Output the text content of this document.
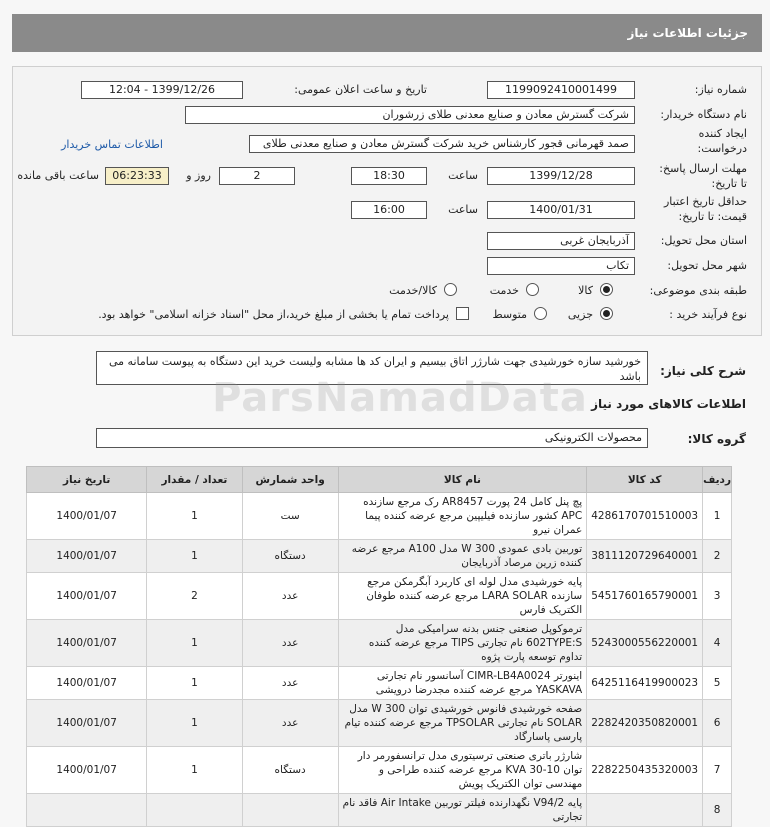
جزئیات اطلاعات نیاز
شماره نیاز:
1199092410001499
تاریخ و ساعت اعلان عمومی:
1399/12/26 - 12:04
نام دستگاه خریدار:
شرکت گسترش معادن و صنایع معدنی طلای زرشوران
ایجاد کننده
درخواست:
صمد قهرمانی قجور کارشناس خرید شرکت گسترش معادن و صنایع معدنی طلای
اطلاعات تماس خریدار
مهلت ارسال پاسخ:
تا تاریخ:
1399/12/28
ساعت
18:30
2
روز و
06:23:33
ساعت باقی مانده
حداقل تاریخ اعتبار
قیمت: تا تاریخ:
1400/01/31
ساعت
16:00
استان محل تحویل:
آذربایجان غربی
شهر محل تحویل:
تکاب
طبقه بندی موضوعی:
کالا
خدمت
کالا/خدمت
نوع فرآیند خرید :
جزیی
متوسط
پرداخت تمام یا بخشی از مبلغ خرید،از محل "اسناد خزانه اسلامی" خواهد بود.
شرح کلی نیاز:
خورشید سازه خورشیدی جهت شارژر اتاق بیسیم و ایران کد ها مشابه ولیست خرید این دستگاه به پیوست سامانه می باشد
ParsNamadData اطلاعات کالاهای مورد نیاز
گروه کالا:
محصولات الکترونیکی
ردیف	کد کالا	نام کالا	واحد شمارش	تعداد / مقدار	تاریخ نیاز
1	4286170701510003	پچ پنل کامل 24 پورت AR8457 رک مرجع سازنده APC کشور سازنده فیلیپین مرجع عرضه کننده پیما عمران نیرو	ست	1	1400/01/07
2	3811120729640001	توربین بادی عمودی 300 W مدل A100 مرجع عرضه کننده زرین مرصاد آذربایجان	دستگاه	1	1400/01/07
3	5451760165790001	پایه خورشیدی مدل لوله ای کاربرد آبگرمکن مرجع سازنده LARA SOLAR مرجع عرضه کننده طوفان الکتریک فارس	عدد	2	1400/01/07
4	5243000556220001	ترموکوپل صنعتی جنس بدنه سرامیکی مدل 602TYPE:S نام تجارتی TIPS مرجع عرضه کننده تداوم توسعه پارت پژوه	عدد	1	1400/01/07
5	6425116419900023	اینورتر CIMR-LB4A0024 آسانسور نام تجارتی YASKAVA مرجع عرضه کننده مجدرضا درویشی	عدد	1	1400/01/07
6	2282420350820001	صفحه خورشیدی فانوس خورشیدی توان 300 W مدل SOLAR نام تجارتی TPSOLAR مرجع عرضه کننده تیام پارسی پاسارگاد	عدد	1	1400/01/07
7	2282250435320003	شارژر باتری صنعتی ترسیتوری مدل ترانسفورمر دار توان 10-30 KVA مرجع عرضه کننده طراحی و مهندسی توان الکتریک پویش	دستگاه	1	1400/01/07
8		پایه V94/2 نگهدارنده فیلتر توربین Air Intake فاقد نام تجارتی			
